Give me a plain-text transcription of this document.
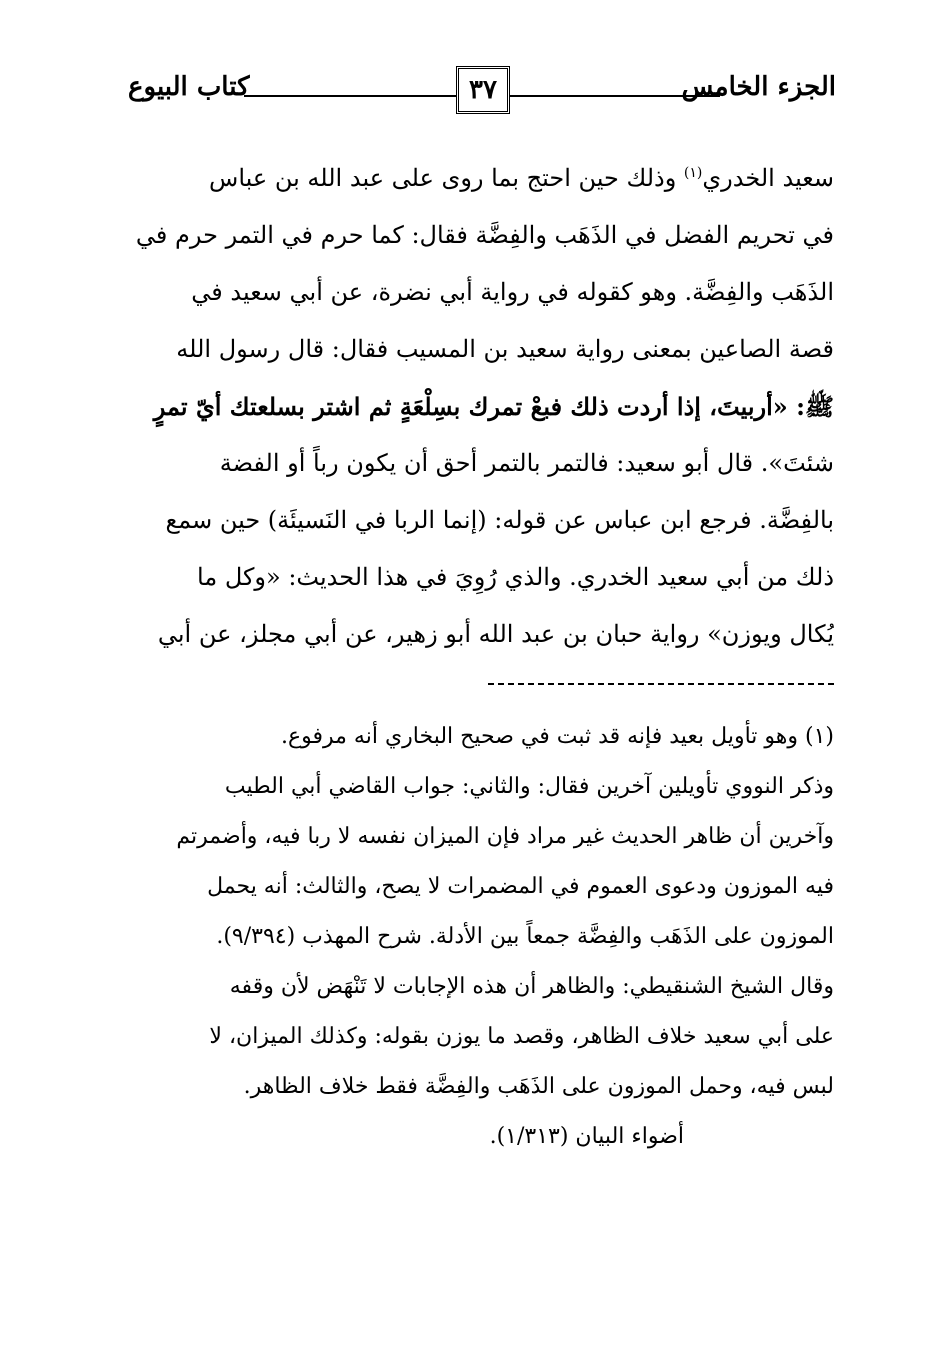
الجزء الخامس
٣٧
كتاب البيوع
سعيد الخدري$^{(١)}$ وذلك حين احتج بما روى على عبد الله بن عباس
في تحريم الفضل في الذَهَب والفِضَّة فقال: كما حرم في التمر حرم في
الذَهَب والفِضَّة. وهو كقوله في رواية أبي نضرة، عن أبي سعيد في
قصة الصاعين بمعنى رواية سعيد بن المسيب فقال: قال رسول الله
ﷺ: «أربيتَ، إذا أردت ذلك فبعْ تمرك بسِلْعَةٍ ثم اشتر بسلعتك أيّ تمرٍ
شئتَ». قال أبو سعيد: فالتمر بالتمر أحق أن يكون رباً أو الفضة
بالفِضَّة. فرجع ابن عباس عن قوله: (إنما الربا في النَسيئَة) حين سمع
ذلك من أبي سعيد الخدري. والذي رُوِيَ في هذا الحديث: «وكل ما
يُكال ويوزن» رواية حبان بن عبد الله أبو زهير، عن أبي مجلز، عن أبي
(١) وهو تأويل بعيد فإنه قد ثبت في صحيح البخاري أنه مرفوع.
وذكر النووي تأويلين آخرين فقال: والثاني: جواب القاضي أبي الطيب
وآخرين أن ظاهر الحديث غير مراد فإن الميزان نفسه لا ربا فيه، وأضمرتم
فيه الموزون ودعوى العموم في المضمرات لا يصح، والثالث: أنه يحمل
الموزون على الذَهَب والفِضَّة جمعاً بين الأدلة. شرح المهذب (٩/٣٩٤).
وقال الشيخ الشنقيطي: والظاهر أن هذه الإجابات لا تَنْهَض لأن وقفه
على أبي سعيد خلاف الظاهر، وقصد ما يوزن بقوله: وكذلك الميزان، لا
لبس فيه، وحمل الموزون على الذَهَب والفِضَّة فقط خلاف الظاهر.
أضواء البيان (١/٣١٣).
